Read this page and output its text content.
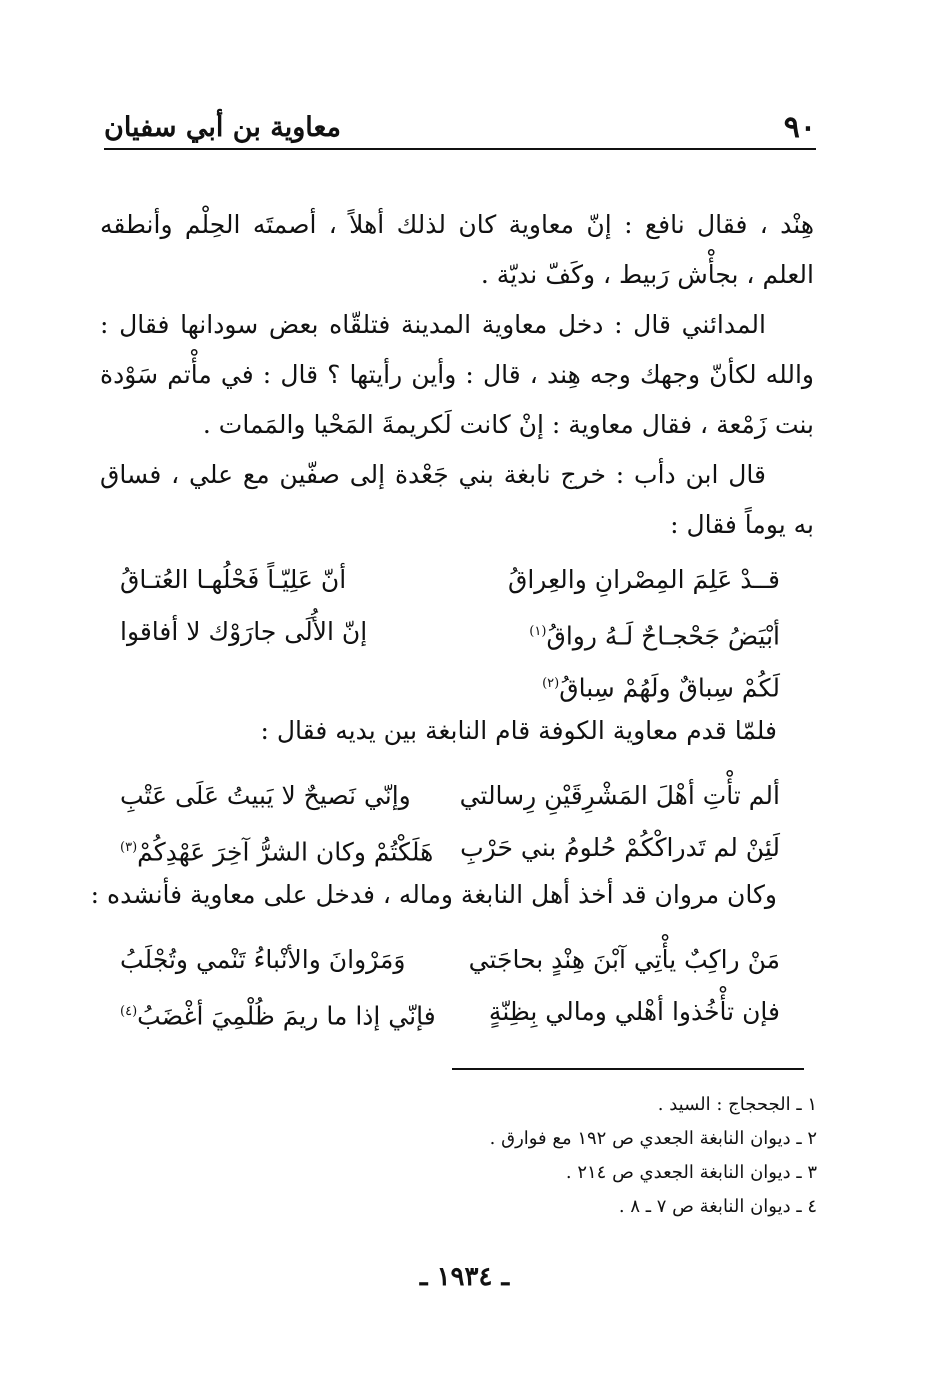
٩٠
معاوية بن أبي سفيان

هِنْد ، فقال نافع : إنّ معاوية كان لذلك أهلاً ، أصمتَه الحِلْم وأنطقه العلم ، بجأْش رَبيط ، وكَفّ نديّة .

المدائني قال : دخل معاوية المدينة فتلقّاه بعض سودانها فقال : والله لكأنّ وجهك وجه هِند ، قال : وأين رأيتها ؟ قال : في مأْتم سَوْدة بنت زَمْعة ، فقال معاوية : إنْ كانت لَكريمةَ المَحْيا والمَمات .

قال ابن دأب : خرج نابغة بني جَعْدة إلى صفّين مع علي ، فساق به يوماً فقال :

قــدْ عَلِمَ المِصْرانِ والعِراقُ
أنّ عَلِيّـاً فَحْلُهـا العُتـاقُ
أبْيَضُ جَحْجـاحٌ لَـهُ رواقُ$^{(١)}$
إنّ الأُلَى جارَوْك لا أفاقوا
لَكُمْ سِباقٌ ولَهُمْ سِباقُ$^{(٢)}$
فلمّا قدم معاوية الكوفة قام النابغة بين يديه فقال :
ألم تأْتِ أهْلَ المَشْرِقَيْنِ رِسالتي
وإنّي نَصيحٌ لا يَبيتُ عَلَى عَتْبِ
لَئِنْ لم تَدراكْكُمْ حُلومُ بني حَرْبِ
هَلَكْتُمْ وكان الشرُّ آخِرَ عَهْدِكُمْ$^{(٣)}$
وكان مروان قد أخذ أهل النابغة وماله ، فدخل على معاوية فأنشده :
مَنْ راكِبٌ يأْتِي آبْنَ هِنْدٍ بحاجَتي
وَمَرْوانَ والأنْباءُ تَنْمي وتُجْلَبُ
فإن تأْخُذوا أهْلي ومالي بِظِنّةٍ
فإنّي إذا ما ريمَ ظُلْمِيَ أغْضَبُ$^{(٤)}$
١ ـ الجحجاج : السيد .
٢ ـ ديوان النابغة الجعدي ص ١٩٢ مع فوارق .
٣ ـ ديوان النابغة الجعدي ص ٢١٤ .
٤ ـ ديوان النابغة ص ٧ ـ ٨ .
ـ ١٩٣٤ ـ
